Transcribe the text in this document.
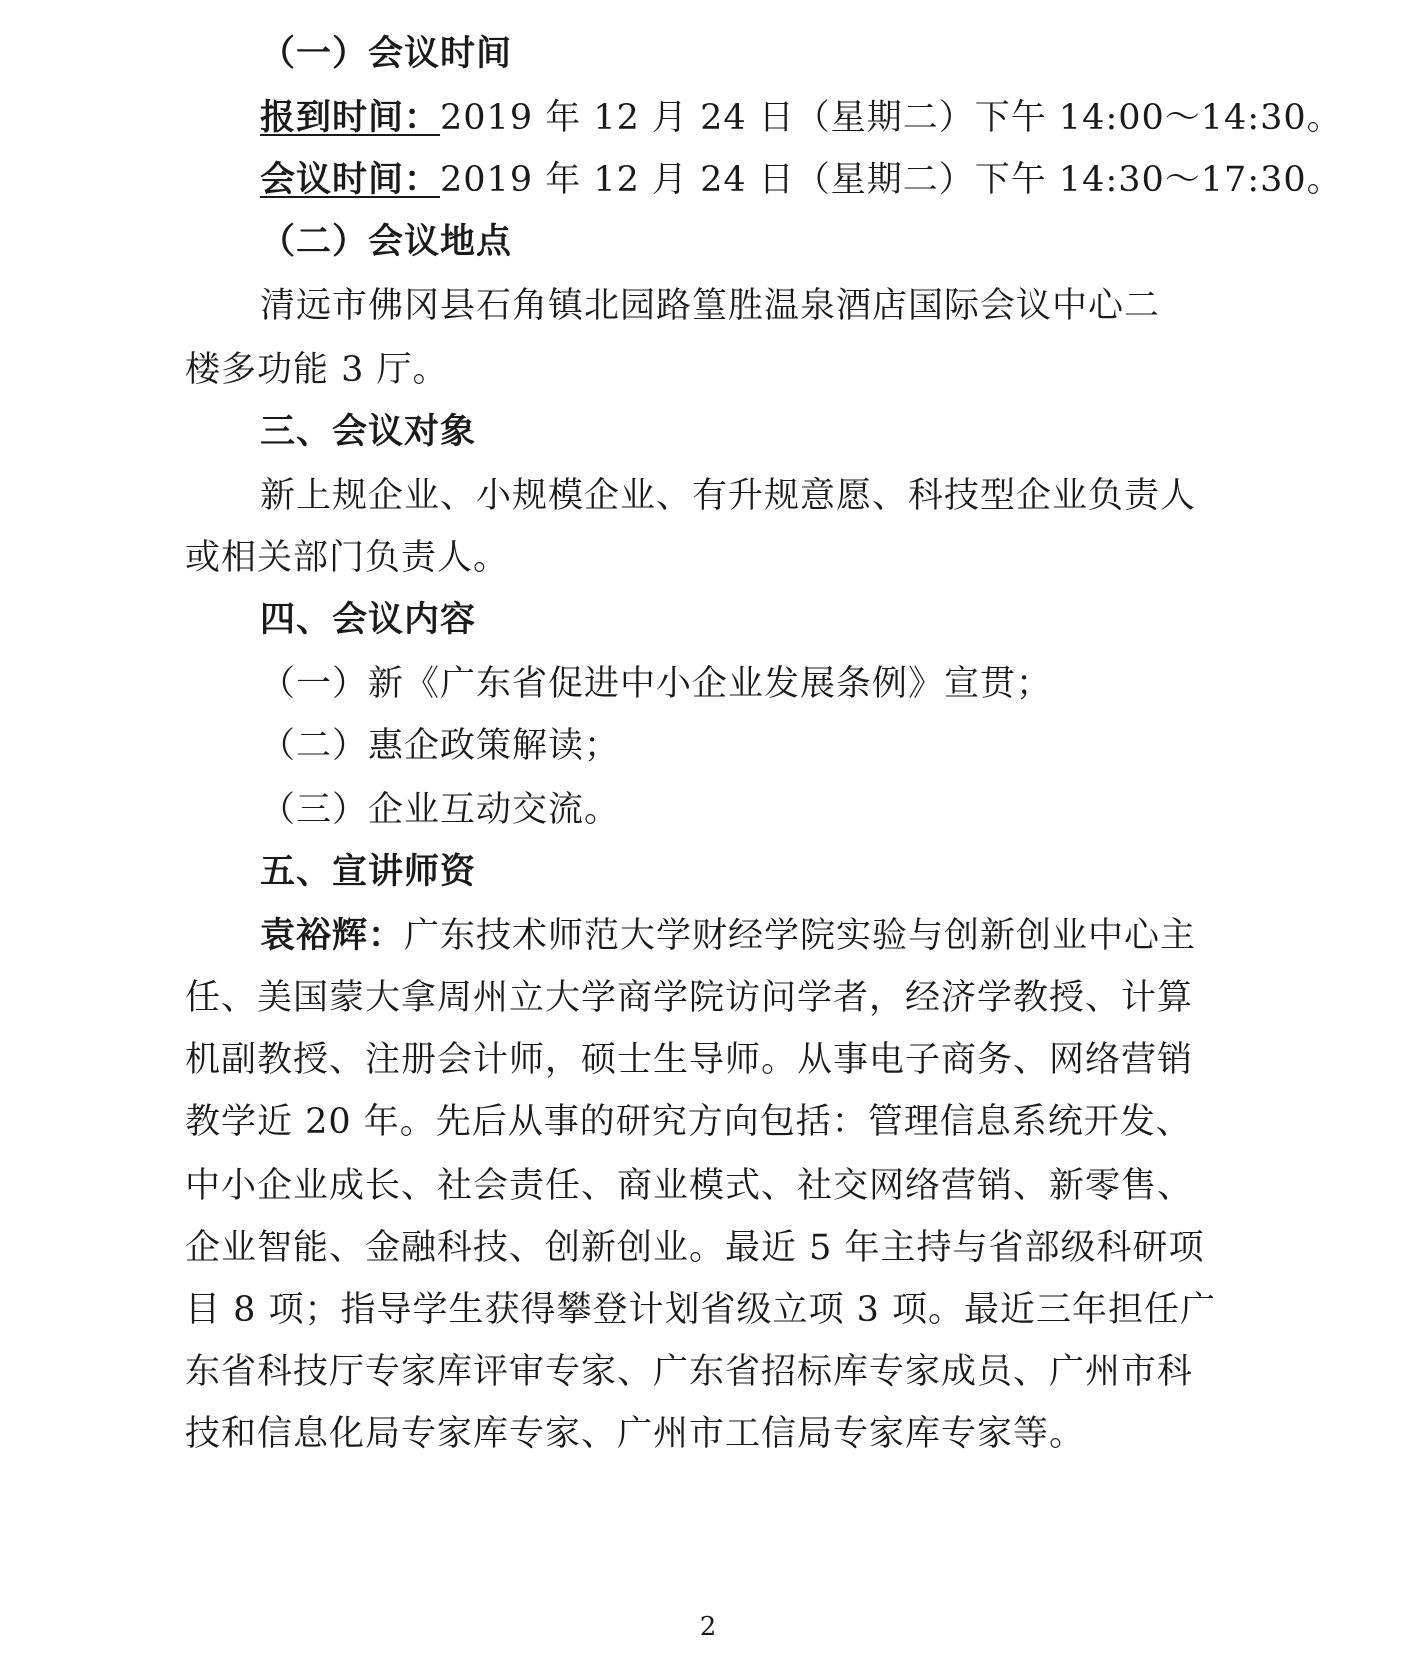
（一）会议时间
报到时间：2019 年 12 月 24 日（星期二）下午 14:00～14:30。
会议时间：2019 年 12 月 24 日（星期二）下午 14:30～17:30。
（二）会议地点
清远市佛冈县石角镇北园路篁胜温泉酒店国际会议中心二
楼多功能 3 厅。
三、会议对象
新上规企业、小规模企业、有升规意愿、科技型企业负责人
或相关部门负责人。
四、会议内容
（一）新《广东省促进中小企业发展条例》宣贯；
（二）惠企政策解读；
（三）企业互动交流。
五、宣讲师资
袁裕辉：广东技术师范大学财经学院实验与创新创业中心主
任、美国蒙大拿周州立大学商学院访问学者，经济学教授、计算
机副教授、注册会计师，硕士生导师。从事电子商务、网络营销
教学近 20 年。先后从事的研究方向包括：管理信息系统开发、
中小企业成长、社会责任、商业模式、社交网络营销、新零售、
企业智能、金融科技、创新创业。最近 5 年主持与省部级科研项
目 8 项；指导学生获得攀登计划省级立项 3 项。最近三年担任广
东省科技厅专家库评审专家、广东省招标库专家成员、广州市科
技和信息化局专家库专家、广州市工信局专家库专家等。
2
